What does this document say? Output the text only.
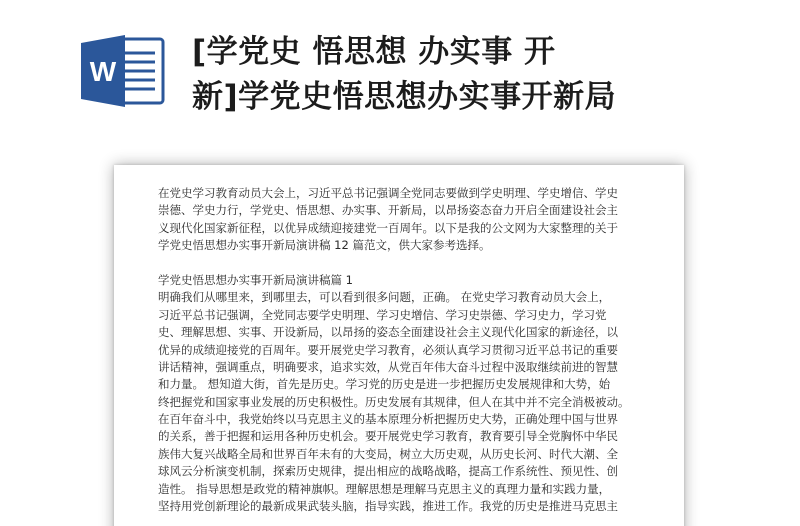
W
[学党史 悟思想 办实事 开
新]学党史悟思想办实事开新局
在党史学习教育动员大会上，习近平总书记强调全党同志要做到学史明理、学史增信、学史
崇德、学史力行，学党史、悟思想、办实事、开新局，以昂扬姿态奋力开启全面建设社会主
义现代化国家新征程，以优异成绩迎接建党一百周年。以下是我的公文网为大家整理的关于
学党史悟思想办实事开新局演讲稿 12 篇范文，供大家参考选择。
学党史悟思想办实事开新局演讲稿篇 1
明确我们从哪里来，到哪里去，可以看到很多问题，正确。 在党史学习教育动员大会上，
习近平总书记强调，全党同志要学史明理、学习史增信、学习史崇德、学习史力，学习党
史、理解思想、实事、开设新局，以昂扬的姿态全面建设社会主义现代化国家的新途径，以
优异的成绩迎接党的百周年。要开展党史学习教育，必须认真学习贯彻习近平总书记的重要
讲话精神，强调重点，明确要求，追求实效，从党百年伟大奋斗过程中汲取继续前进的智慧
和力量。 想知道大街，首先是历史。学习党的历史是进一步把握历史发展规律和大势，始
终把握党和国家事业发展的历史积极性。历史发展有其规律，但人在其中并不完全消极被动。
在百年奋斗中，我党始终以马克思主义的基本原理分析把握历史大势，正确处理中国与世界
的关系，善于把握和运用各种历史机会。要开展党史学习教育，教育要引导全党胸怀中华民
族伟大复兴战略全局和世界百年未有的大变局，树立大历史观，从历史长河、时代大潮、全
球风云分析演变机制，探索历史规律，提出相应的战略战略，提高工作系统性、预见性、创
造性。 指导思想是政党的精神旗帜。理解思想是理解马克思主义的真理力量和实践力量，
坚持用党创新理论的最新成果武装头脑，指导实践，推进工作。我党的历史是推进马克思主
